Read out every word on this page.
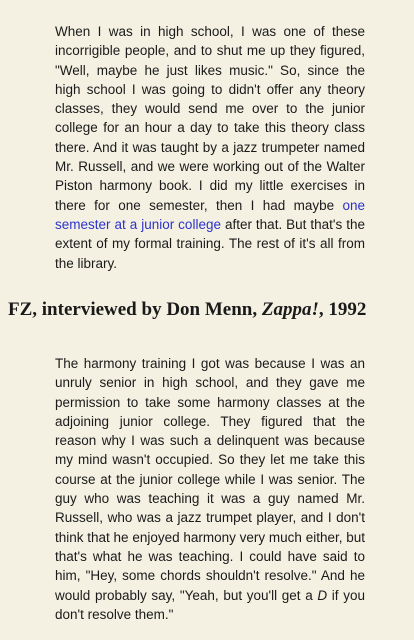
When I was in high school, I was one of these incorrigible people, and to shut me up they figured, "Well, maybe he just likes music." So, since the high school I was going to didn't offer any theory classes, they would send me over to the junior college for an hour a day to take this theory class there. And it was taught by a jazz trumpeter named Mr. Russell, and we were working out of the Walter Piston harmony book. I did my little exercises in there for one semester, then I had maybe one semester at a junior college after that. But that's the extent of my formal training. The rest of it's all from the library.

FZ, interviewed by Don Menn, Zappa!, 1992

The harmony training I got was because I was an unruly senior in high school, and they gave me permission to take some harmony classes at the adjoining junior college. They figured that the reason why I was such a delinquent was because my mind wasn't occupied. So they let me take this course at the junior college while I was senior. The guy who was teaching it was a guy named Mr. Russell, who was a jazz trumpet player, and I don't think that he enjoyed harmony very much either, but that's what he was teaching. I could have said to him, "Hey, some chords shouldn't resolve." And he would probably say, "Yeah, but you'll get a D if you don't resolve them."
